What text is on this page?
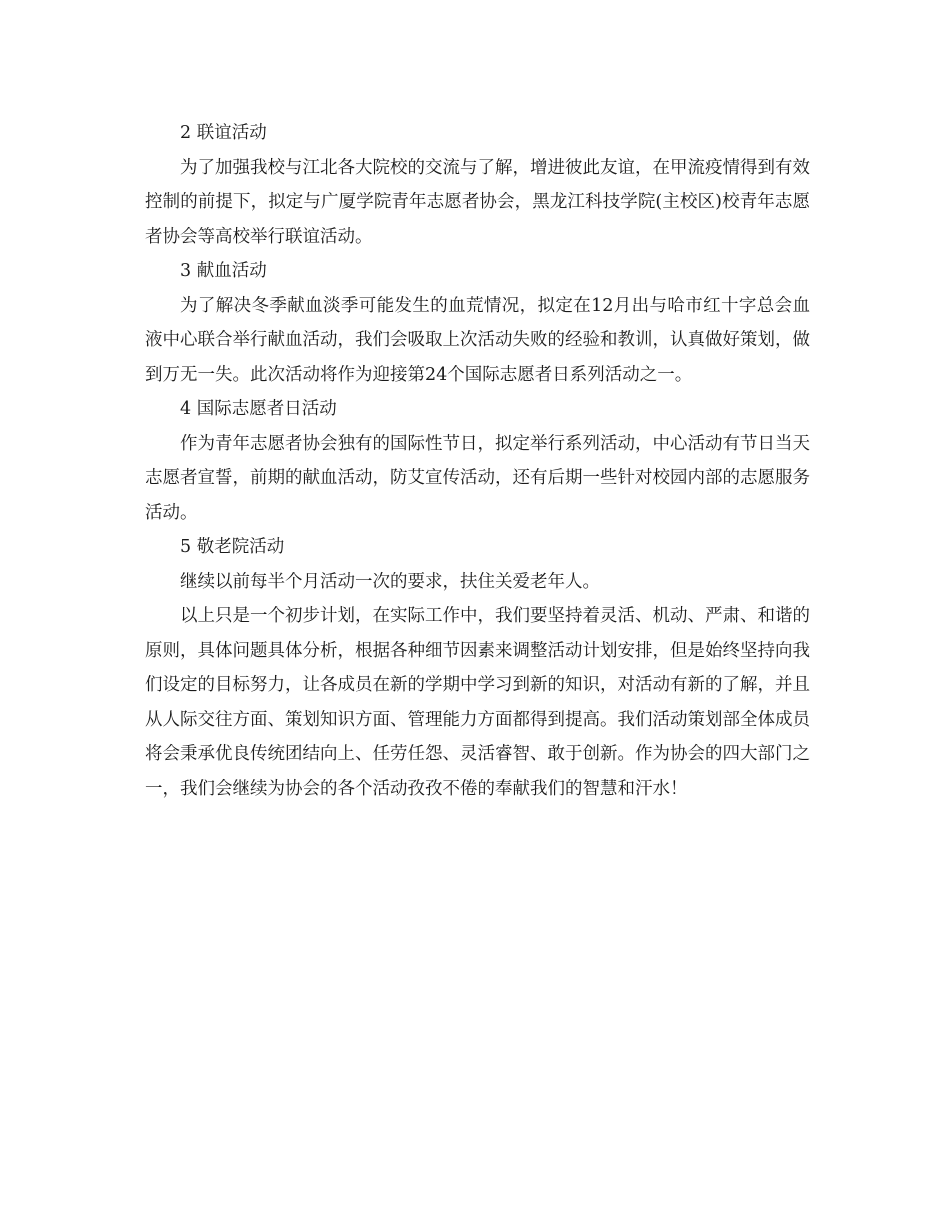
2 联谊活动

为了加强我校与江北各大院校的交流与了解，增进彼此友谊，在甲流疫情得到有效控制的前提下，拟定与广厦学院青年志愿者协会，黑龙江科技学院(主校区)校青年志愿者协会等高校举行联谊活动。

3 献血活动

为了解决冬季献血淡季可能发生的血荒情况，拟定在12月出与哈市红十字总会血液中心联合举行献血活动，我们会吸取上次活动失败的经验和教训，认真做好策划，做到万无一失。此次活动将作为迎接第24个国际志愿者日系列活动之一。

4 国际志愿者日活动

作为青年志愿者协会独有的国际性节日，拟定举行系列活动，中心活动有节日当天志愿者宣誓，前期的献血活动，防艾宣传活动，还有后期一些针对校园内部的志愿服务活动。

5 敬老院活动

继续以前每半个月活动一次的要求，扶住关爱老年人。

以上只是一个初步计划，在实际工作中，我们要坚持着灵活、机动、严肃、和谐的原则，具体问题具体分析，根据各种细节因素来调整活动计划安排，但是始终坚持向我们设定的目标努力，让各成员在新的学期中学习到新的知识，对活动有新的了解，并且从人际交往方面、策划知识方面、管理能力方面都得到提高。我们活动策划部全体成员将会秉承优良传统团结向上、任劳任怨、灵活睿智、敢于创新。作为协会的四大部门之一，我们会继续为协会的各个活动孜孜不倦的奉献我们的智慧和汗水！
